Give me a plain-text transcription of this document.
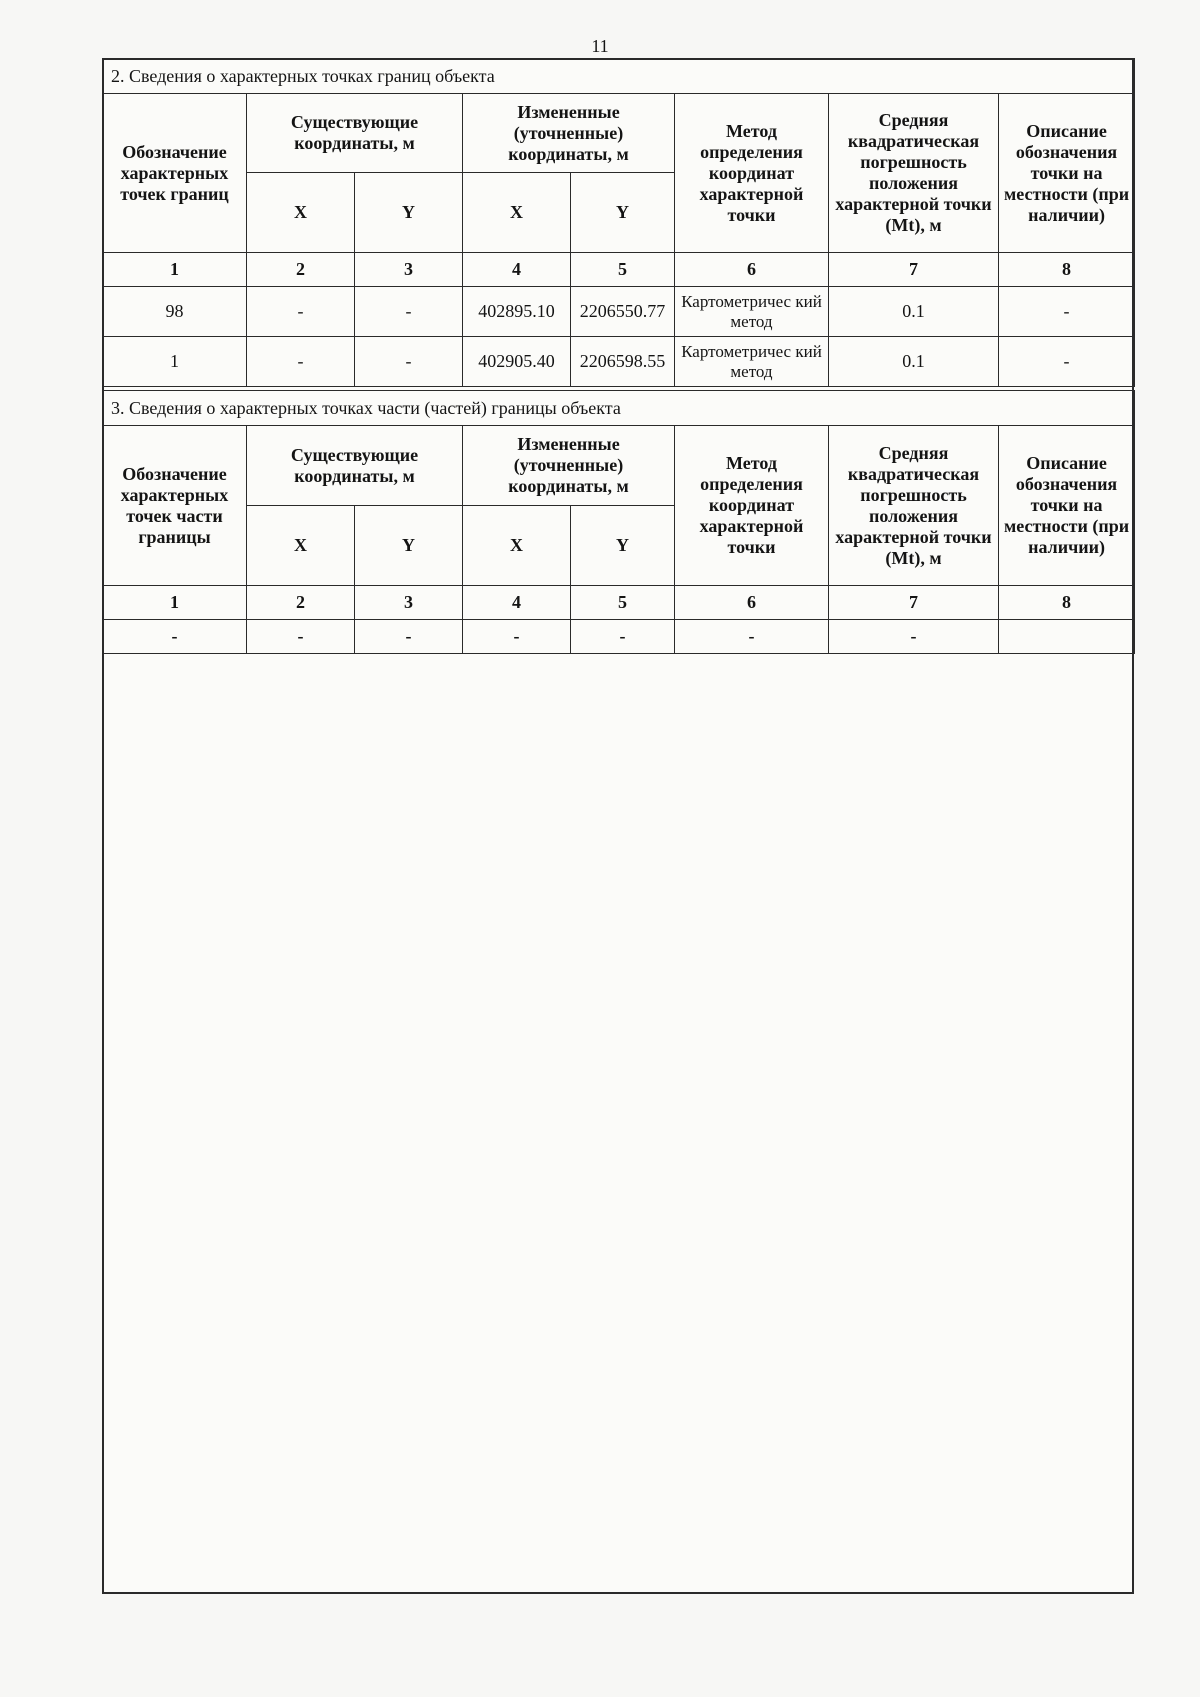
11
2. Сведения о характерных точках границ объекта							
Обозначение характерных точек границ	Существующие координаты, м		Измененные (уточненные) координаты, м		Метод определения координат характерной точки	Средняя квадратическая погрешность положения характерной точки (Mt), м	Описание обозначения точки на местности (при наличии)
	X	Y	X	Y			
1	2	3	4	5	6	7	8
98	-	-	402895.10	2206550.77	Картометричес кий метод	0.1	-
1	-	-	402905.40	2206598.55	Картометричес кий метод	0.1	-
3. Сведения о характерных точках части (частей) границы объекта							
Обозначение характерных точек части границы	Существующие координаты, м		Измененные (уточненные) координаты, м		Метод определения координат характерной точки	Средняя квадратическая погрешность положения характерной точки (Mt), м	Описание обозначения точки на местности (при наличии)
	X	Y	X	Y			
1	2	3	4	5	6	7	8
-	-	-	-	-	-	-	
